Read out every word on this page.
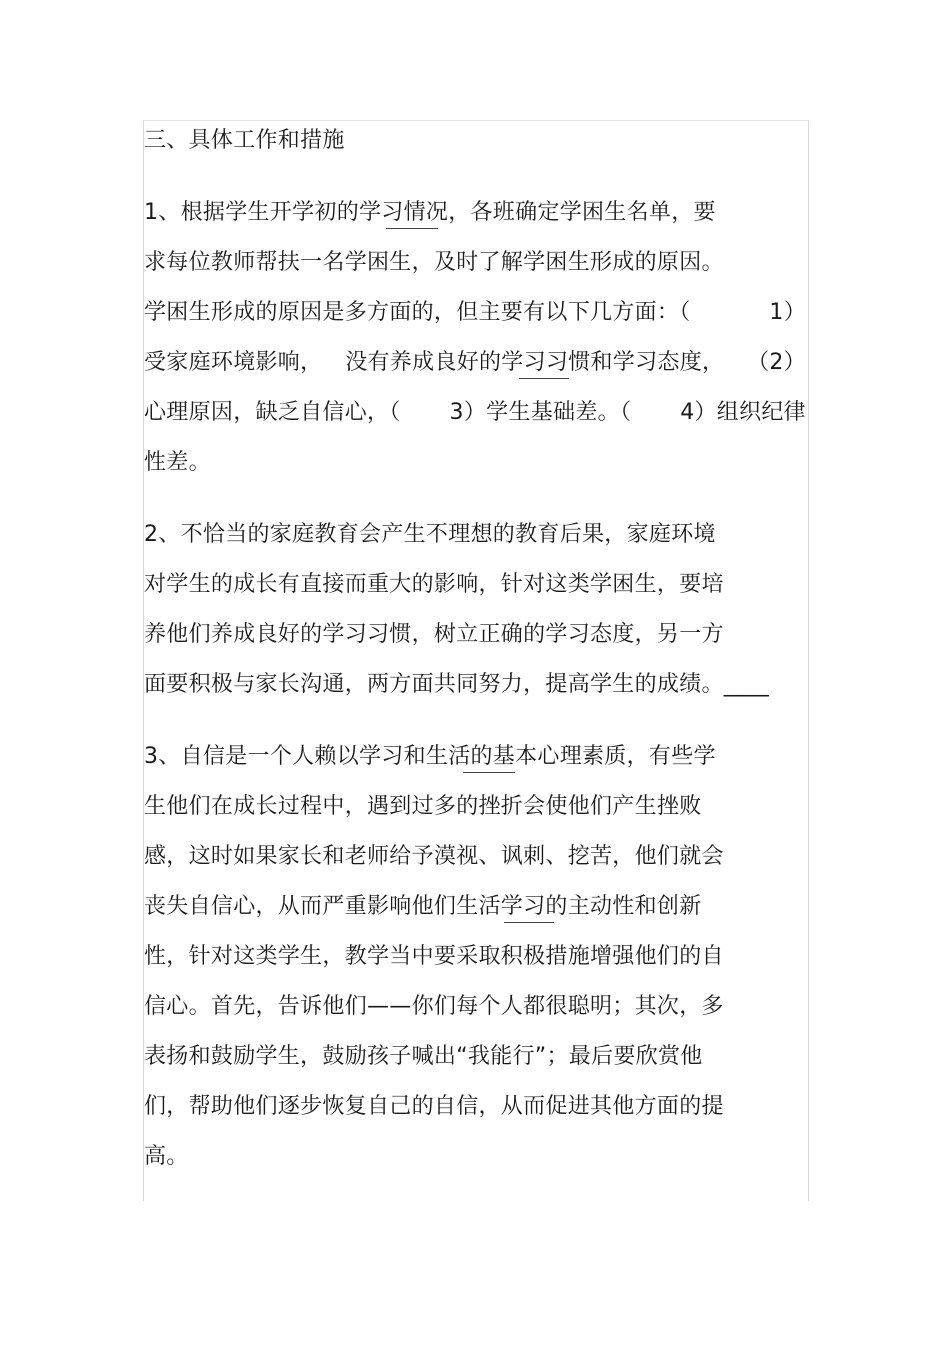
三、具体工作和措施
1、根据学生开学初的学习情况，各班确定学困生名单，要
求每位教师帮扶一名学困生，及时了解学困生形成的原因。
学困生形成的原因是多方面的，但主要有以下几方面：（	1）
受家庭环境影响， 没有养成良好的学习习惯和学习态度， （2）
心理原因，缺乏自信心，（ 3）学生基础差。（ 4）组织纪律
性差。
2、不恰当的家庭教育会产生不理想的教育后果，家庭环境
对学生的成长有直接而重大的影响，针对这类学困生，要培
养他们养成良好的学习习惯，树立正确的学习态度，另一方
面要积极与家长沟通，两方面共同努力，提高学生的成绩。____
3、自信是一个人赖以学习和生活的基本心理素质，有些学
生他们在成长过程中，遇到过多的挫折会使他们产生挫败
感，这时如果家长和老师给予漠视、讽刺、挖苦，他们就会
丧失自信心，从而严重影响他们生活学习的主动性和创新
性，针对这类学生，教学当中要采取积极措施增强他们的自
信心。首先，告诉他们——你们每个人都很聪明；其次，多
表扬和鼓励学生，鼓励孩子喊出“我能行”；最后要欣赏他
们，帮助他们逐步恢复自己的自信，从而促进其他方面的提
高。
